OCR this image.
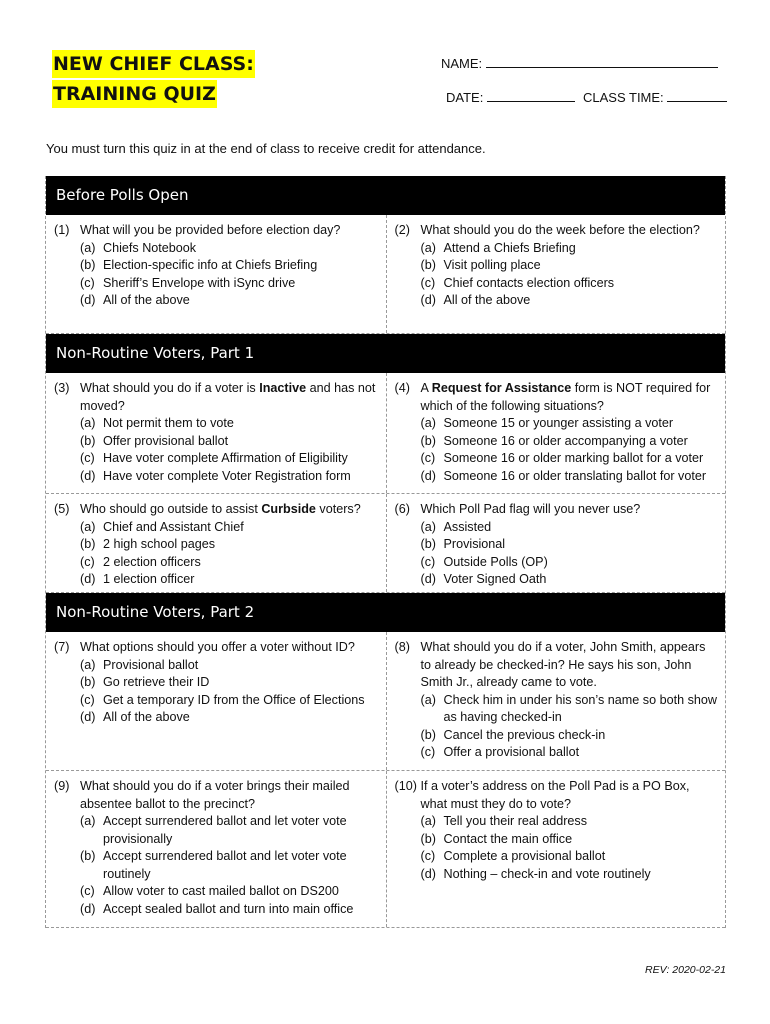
NEW CHIEF CLASS:
TRAINING QUIZ
NAME:
DATE:	CLASS TIME:
You must turn this quiz in at the end of class to receive credit for attendance.
Before Polls Open
(1) What will you be provided before election day?
(a) Chiefs Notebook
(b) Election-specific info at Chiefs Briefing
(c) Sheriff’s Envelope with iSync drive
(d) All of the above
(2) What should you do the week before the election?
(a) Attend a Chiefs Briefing
(b) Visit polling place
(c) Chief contacts election officers
(d) All of the above
Non-Routine Voters, Part 1
(3) What should you do if a voter is Inactive and has not moved?
(a) Not permit them to vote
(b) Offer provisional ballot
(c) Have voter complete Affirmation of Eligibility
(d) Have voter complete Voter Registration form
(4) A Request for Assistance form is NOT required for which of the following situations?
(a) Someone 15 or younger assisting a voter
(b) Someone 16 or older accompanying a voter
(c) Someone 16 or older marking ballot for a voter
(d) Someone 16 or older translating ballot for voter
(5) Who should go outside to assist Curbside voters?
(a) Chief and Assistant Chief
(b) 2 high school pages
(c) 2 election officers
(d) 1 election officer
(6) Which Poll Pad flag will you never use?
(a) Assisted
(b) Provisional
(c) Outside Polls (OP)
(d) Voter Signed Oath
Non-Routine Voters, Part 2
(7) What options should you offer a voter without ID?
(a) Provisional ballot
(b) Go retrieve their ID
(c) Get a temporary ID from the Office of Elections
(d) All of the above
(8) What should you do if a voter, John Smith, appears to already be checked-in? He says his son, John Smith Jr., already came to vote.
(a) Check him in under his son’s name so both show as having checked-in
(b) Cancel the previous check-in
(c) Offer a provisional ballot
(9) What should you do if a voter brings their mailed absentee ballot to the precinct?
(a) Accept surrendered ballot and let voter vote provisionally
(b) Accept surrendered ballot and let voter vote routinely
(c) Allow voter to cast mailed ballot on DS200
(d) Accept sealed ballot and turn into main office
(10) If a voter’s address on the Poll Pad is a PO Box, what must they do to vote?
(a) Tell you their real address
(b) Contact the main office
(c) Complete a provisional ballot
(d) Nothing – check-in and vote routinely
REV: 2020-02-21
